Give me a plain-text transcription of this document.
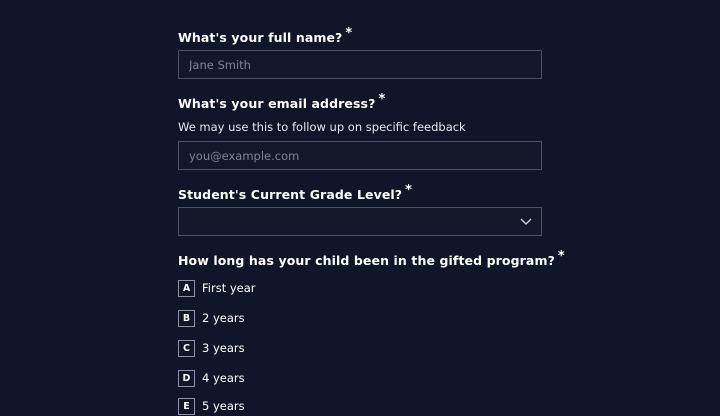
What's your full name? *
Jane Smith
What's your email address? *
We may use this to follow up on specific feedback
you@example.com
Student's Current Grade Level? *
How long has your child been in the gifted program? *
A	First year
B	2 years
C	3 years
D	4 years
E	5 years
